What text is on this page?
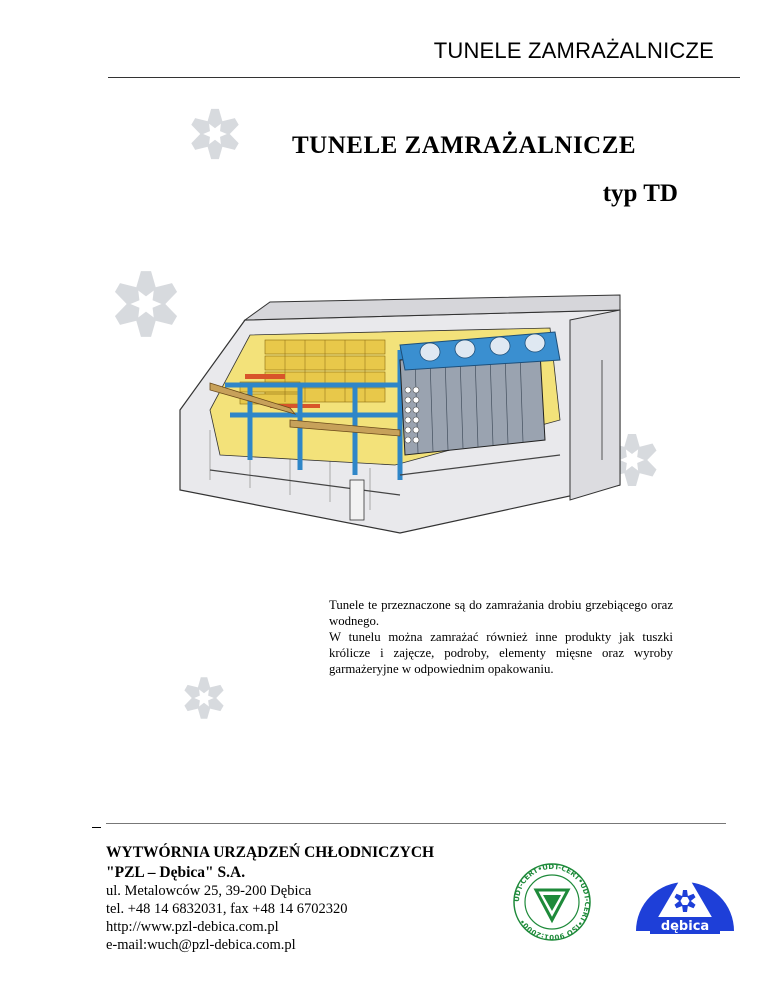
TUNELE ZAMRAŻALNICZE
TUNELE ZAMRAŻALNICZE
typ TD

Tunele te przeznaczone są do zamrażania drobiu grzebiącego oraz wodnego.

W tunelu można zamrażać również inne produkty jak tuszki królicze i zajęcze, podroby, elementy mięsne oraz wyroby garmażeryjne w odpowiednim opakowaniu.

WYTWÓRNIA URZĄDZEŃ CHŁODNICZYCH
"PZL – Dębica" S.A.
ul. Metalowców 25, 39-200 Dębica
tel. +48 14 6832031, fax +48 14 6702320
http://www.pzl-debica.com.pl
e-mail:wuch@pzl-debica.com.pl
UDT-CERT•UDT-CERT•UDT-CERT•ISO 9001:2000•	dębica
